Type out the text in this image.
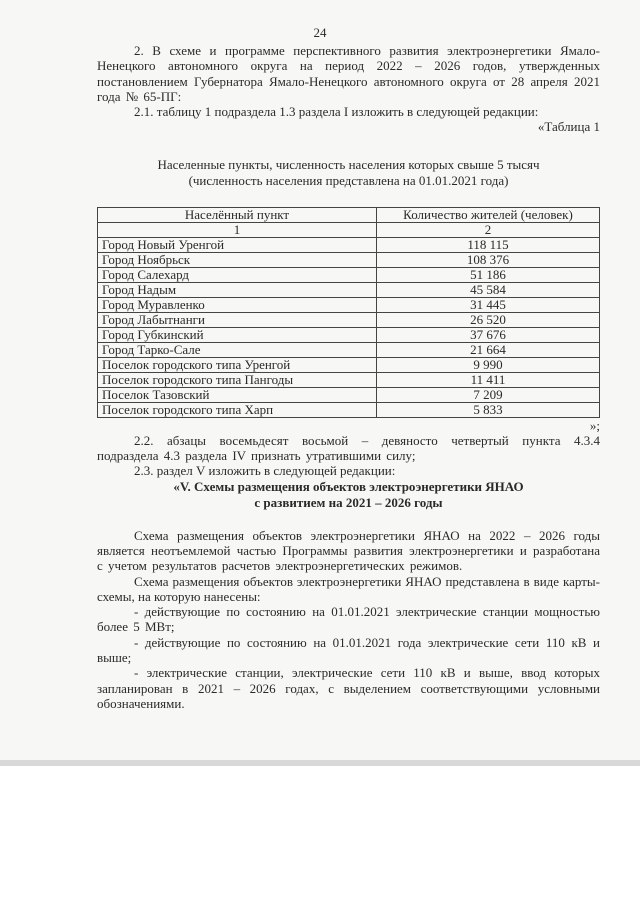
24

2. В схеме и программе перспективного развития электроэнергетики Ямало-Ненецкого автономного округа на период 2022 – 2026 годов, утвержденных постановлением Губернатора Ямало-Ненецкого автономного округа от 28 апреля 2021 года № 65-ПГ:

2.1. таблицу 1 подраздела 1.3 раздела I изложить в следующей редакции:

«Таблица 1

Населенные пункты, численность населения которых свыше 5 тысяч
(численность населения представлена на 01.01.2021 года)
Населённый пункт	Количество жителей (человек)
1	2
Город Новый Уренгой	118 115
Город Ноябрьск	108 376
Город Салехард	51 186
Город Надым	45 584
Город Муравленко	31 445
Город Лабытнанги	26 520
Город Губкинский	37 676
Город Тарко-Сале	21 664
Поселок городского типа Уренгой	9 990
Поселок городского типа Пангоды	11 411
Поселок Тазовский	7 209
Поселок городского типа Харп	5 833
»;

2.2. абзацы восемьдесят восьмой – девяносто четвертый пункта 4.3.4 подраздела 4.3 раздела IV признать утратившими силу;

2.3. раздел V изложить в следующей редакции:

«V. Схемы размещения объектов электроэнергетики ЯНАО
с развитием на 2021 – 2026 годы

Схема размещения объектов электроэнергетики ЯНАО на 2022 – 2026 годы является неотъемлемой частью Программы развития электроэнергетики и разработана с учетом результатов расчетов электроэнергетических режимов.

Схема размещения объектов электроэнергетики ЯНАО представлена в виде карты-схемы, на которую нанесены:

- действующие по состоянию на 01.01.2021 электрические станции мощностью более 5 МВт;

- действующие по состоянию на 01.01.2021 года электрические сети 110 кВ и выше;

- электрические станции, электрические сети 110 кВ и выше, ввод которых запланирован в 2021 – 2026 годах, с выделением соответствующими условными обозначениями.
